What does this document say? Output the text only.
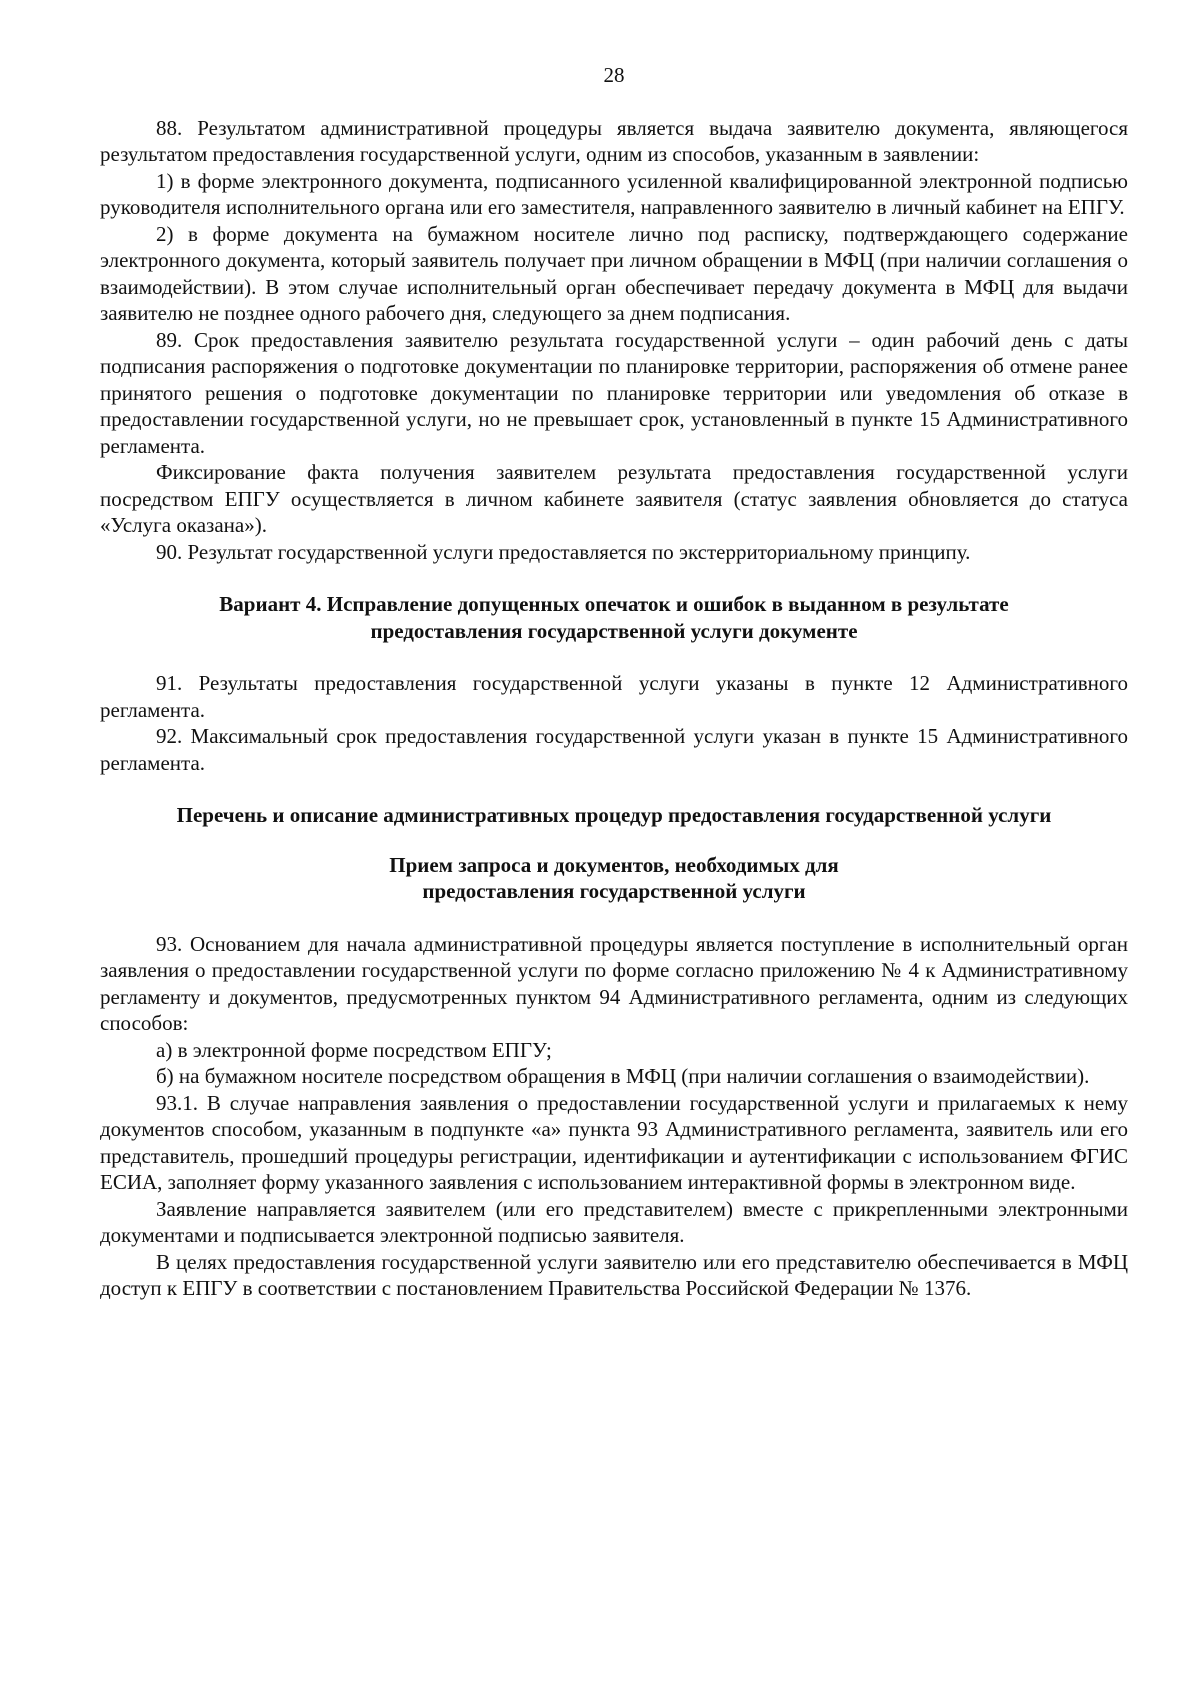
28

88. Результатом административной процедуры является выдача заявителю документа, являющегося результатом предоставления государственной услуги, одним из способов, указанным в заявлении:

1) в форме электронного документа, подписанного усиленной квалифицированной электронной подписью руководителя исполнительного органа или его заместителя, направленного заявителю в личный кабинет на ЕПГУ.

2) в форме документа на бумажном носителе лично под расписку, подтверждающего содержание электронного документа, который заявитель получает при личном обращении в МФЦ (при наличии соглашения о взаимодействии). В этом случае исполнительный орган обеспечивает передачу документа в МФЦ для выдачи заявителю не позднее одного рабочего дня, следующего за днем подписания.

89. Срок предоставления заявителю результата государственной услуги – один рабочий день с даты подписания распоряжения о подготовке документации по планировке территории, распоряжения об отмене ранее принятого решения о подготовке документации по планировке территории или уведомления об отказе в предоставлении государственной услуги, но не превышает срок, установленный в пункте 15 Административного регламента.

Фиксирование факта получения заявителем результата предоставления государственной услуги посредством ЕПГУ осуществляется в личном кабинете заявителя (статус заявления обновляется до статуса «Услуга оказана»).

90. Результат государственной услуги предоставляется по экстерриториальному принципу.

Вариант 4. Исправление допущенных опечаток и ошибок в выданном в результате предоставления государственной услуги документе

91. Результаты предоставления государственной услуги указаны в пункте 12 Административного регламента.

92. Максимальный срок предоставления государственной услуги указан в пункте 15 Административного регламента.

Перечень и описание административных процедур предоставления государственной услуги

Прием запроса и документов, необходимых для предоставления государственной услуги

93. Основанием для начала административной процедуры является поступление в исполнительный орган заявления о предоставлении государственной услуги по форме согласно приложению № 4 к Административному регламенту и документов, предусмотренных пунктом 94 Административного регламента, одним из следующих способов:

а) в электронной форме посредством ЕПГУ;

б) на бумажном носителе посредством обращения в МФЦ (при наличии соглашения о взаимодействии).

93.1. В случае направления заявления о предоставлении государственной услуги и прилагаемых к нему документов способом, указанным в подпункте «а» пункта 93 Административного регламента, заявитель или его представитель, прошедший процедуры регистрации, идентификации и аутентификации с использованием ФГИС ЕСИА, заполняет форму указанного заявления с использованием интерактивной формы в электронном виде.

Заявление направляется заявителем (или его представителем) вместе с прикрепленными электронными документами и подписывается электронной подписью заявителя.

В целях предоставления государственной услуги заявителю или его представителю обеспечивается в МФЦ доступ к ЕПГУ в соответствии с постановлением Правительства Российской Федерации № 1376.
